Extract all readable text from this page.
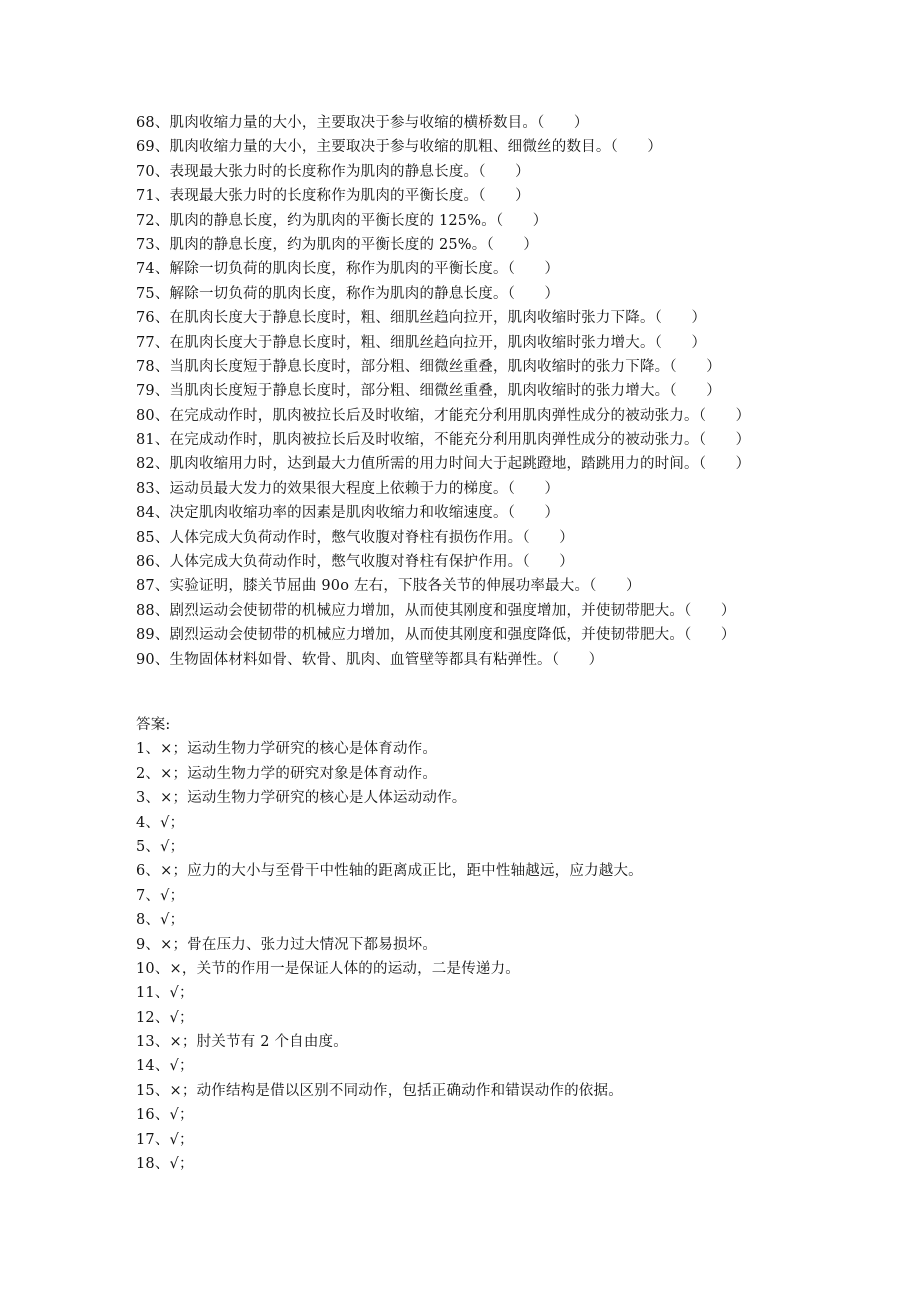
68、肌肉收缩力量的大小，主要取决于参与收缩的横桥数目。（　　）
69、肌肉收缩力量的大小，主要取决于参与收缩的肌粗、细微丝的数目。（　　）
70、表现最大张力时的长度称作为肌肉的静息长度。（　　）
71、表现最大张力时的长度称作为肌肉的平衡长度。（　　）
72、肌肉的静息长度，约为肌肉的平衡长度的 125%。（　　）
73、肌肉的静息长度，约为肌肉的平衡长度的 25%。（　　）
74、解除一切负荷的肌肉长度，称作为肌肉的平衡长度。（　　）
75、解除一切负荷的肌肉长度，称作为肌肉的静息长度。（　　）
76、在肌肉长度大于静息长度时，粗、细肌丝趋向拉开，肌肉收缩时张力下降。（　　）
77、在肌肉长度大于静息长度时，粗、细肌丝趋向拉开，肌肉收缩时张力增大。（　　）
78、当肌肉长度短于静息长度时，部分粗、细微丝重叠，肌肉收缩时的张力下降。（　　）
79、当肌肉长度短于静息长度时，部分粗、细微丝重叠，肌肉收缩时的张力增大。（　　）
80、在完成动作时，肌肉被拉长后及时收缩，才能充分利用肌肉弹性成分的被动张力。（　　）
81、在完成动作时，肌肉被拉长后及时收缩，不能充分利用肌肉弹性成分的被动张力。（　　）
82、肌肉收缩用力时，达到最大力值所需的用力时间大于起跳蹬地，踏跳用力的时间。（　　）
83、运动员最大发力的效果很大程度上依赖于力的梯度。（　　）
84、决定肌肉收缩功率的因素是肌肉收缩力和收缩速度。（　　）
85、人体完成大负荷动作时，憋气收腹对脊柱有损伤作用。（　　）
86、人体完成大负荷动作时，憋气收腹对脊柱有保护作用。（　　）
87、实验证明，膝关节屈曲 90o 左右，下肢各关节的伸展功率最大。（　　）
88、剧烈运动会使韧带的机械应力增加，从而使其刚度和强度增加，并使韧带肥大。（　　）
89、剧烈运动会使韧带的机械应力增加，从而使其刚度和强度降低，并使韧带肥大。（　　）
90、生物固体材料如骨、软骨、肌肉、血管壁等都具有粘弹性。（　　）
答案:
1、×；运动生物力学研究的核心是体育动作。
2、×；运动生物力学的研究对象是体育动作。
3、×；运动生物力学研究的核心是人体运动动作。
4、√；
5、√；
6、×；应力的大小与至骨干中性轴的距离成正比，距中性轴越远，应力越大。
7、√；
8、√；
9、×；骨在压力、张力过大情况下都易损坏。
10、×，关节的作用一是保证人体的的运动，二是传递力。
11、√；
12、√；
13、×；肘关节有 2 个自由度。
14、√；
15、×；动作结构是借以区别不同动作，包括正确动作和错误动作的依据。
16、√；
17、√；
18、√；
